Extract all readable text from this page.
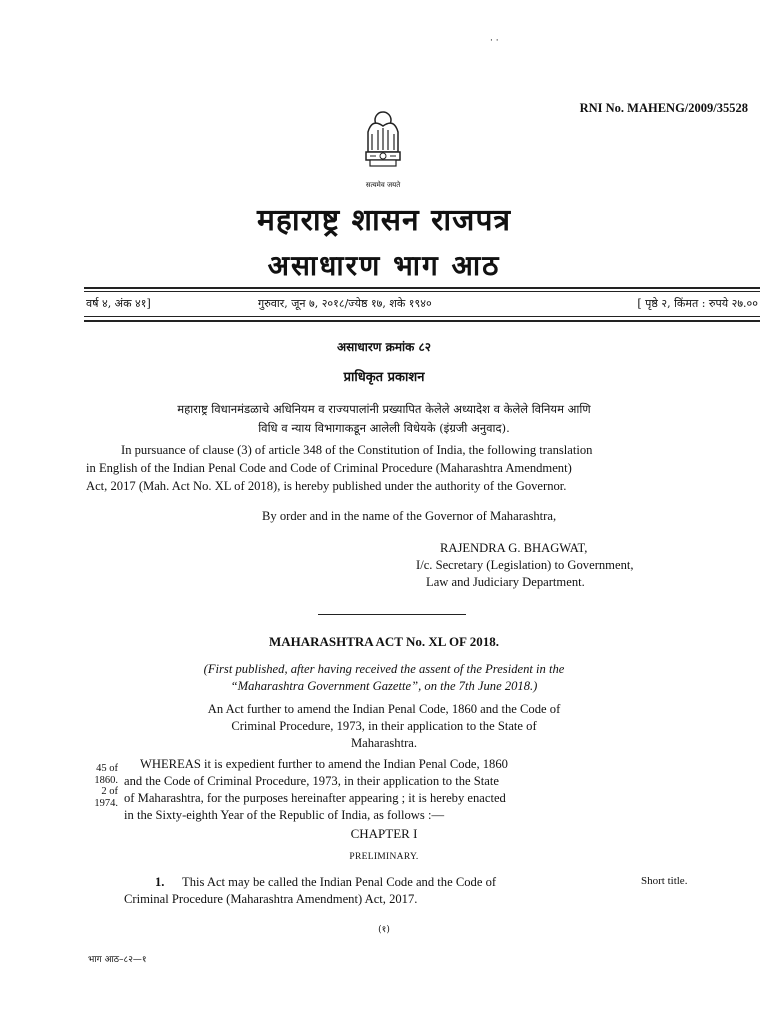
· ·
RNI No. MAHENG/2009/35528
सत्यमेव जयते
महाराष्ट्र शासन राजपत्र
असाधारण भाग आठ
वर्ष ४, अंक ४१]	गुरुवार, जून ७, २०१८/ज्येष्ठ १७, शके १९४०	[ पृष्ठे २, किंमत : रुपये २७.००
असाधारण क्रमांक ८२
प्राधिकृत प्रकाशन
महाराष्ट्र विधानमंडळाचे अधिनियम व राज्यपालांनी प्रख्यापित केलेले अध्यादेश व केलेले विनियम आणि
विधि व न्याय विभागाकडून आलेली विधेयके (इंग्रजी अनुवाद).
In pursuance of clause (3) of article 348 of the Constitution of India, the following translation
in English of the Indian Penal Code and Code of Criminal Procedure (Maharashtra Amendment)
Act, 2017 (Mah. Act No. XL of 2018), is hereby published under the authority of the Governor.
By order and in the name of the Governor of Maharashtra,
RAJENDRA G. BHAGWAT,
I/c. Secretary (Legislation) to Government,
Law and Judiciary Department.
MAHARASHTRA ACT No. XL OF 2018.
(First published, after having received the assent of the President in the
“Maharashtra Government Gazette”, on the 7th June 2018.)
An Act further to amend the Indian Penal Code, 1860 and the Code of
Criminal Procedure, 1973, in their application to the State of
Maharashtra.
WHEREAS it is expedient further to amend the Indian Penal Code, 1860
and the Code of Criminal Procedure, 1973, in their application to the State
of Maharashtra, for the purposes hereinafter appearing ; it is hereby enacted
in the Sixty-eighth Year of the Republic of India, as follows :—
45 of
1860.
2 of
1974.
CHAPTER I
PRELIMINARY.
1. This Act may be called the Indian Penal Code and the Code of
Criminal Procedure (Maharashtra Amendment) Act, 2017.
Short title.
(१)
भाग आठ–८२—१
